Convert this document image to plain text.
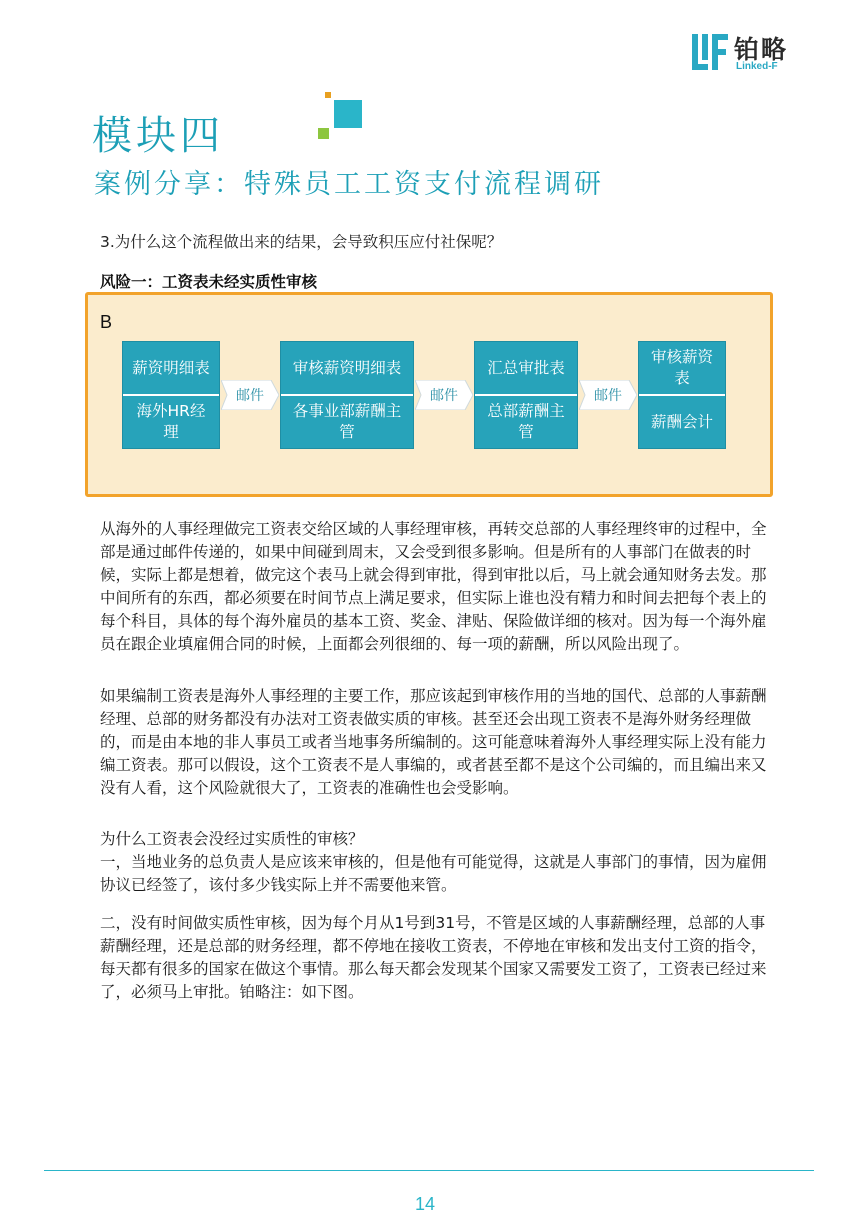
铂略
Linked-F
模块四
案例分享：特殊员工工资支付流程调研
3.为什么这个流程做出来的结果，会导致积压应付社保呢？
风险一：工资表未经实质性审核
B
薪资明细表
海外HR经理
邮件
审核薪资明细表
各事业部薪酬主管
邮件
汇总审批表
总部薪酬主管
邮件
审核薪资表
薪酬会计

从海外的人事经理做完工资表交给区域的人事经理审核，再转交总部的人事经理终审的过程中，全部是通过邮件传递的，如果中间碰到周末，又会受到很多影响。但是所有的人事部门在做表的时候，实际上都是想着，做完这个表马上就会得到审批，得到审批以后，马上就会通知财务去发。那中间所有的东西，都必须要在时间节点上满足要求，但实际上谁也没有精力和时间去把每个表上的每个科目，具体的每个海外雇员的基本工资、奖金、津贴、保险做详细的核对。因为每一个海外雇员在跟企业填雇佣合同的时候，上面都会列很细的、每一项的薪酬，所以风险出现了。

如果编制工资表是海外人事经理的主要工作，那应该起到审核作用的当地的国代、总部的人事薪酬经理、总部的财务都没有办法对工资表做实质的审核。甚至还会出现工资表不是海外财务经理做的，而是由本地的非人事员工或者当地事务所编制的。这可能意味着海外人事经理实际上没有能力编工资表。那可以假设，这个工资表不是人事编的，或者甚至都不是这个公司编的，而且编出来又没有人看，这个风险就很大了，工资表的准确性也会受影响。

为什么工资表会没经过实质性的审核？
一，当地业务的总负责人是应该来审核的，但是他有可能觉得，这就是人事部门的事情，因为雇佣协议已经签了，该付多少钱实际上并不需要他来管。

二，没有时间做实质性审核，因为每个月从1号到31号，不管是区域的人事薪酬经理，总部的人事薪酬经理，还是总部的财务经理，都不停地在接收工资表，不停地在审核和发出支付工资的指令，每天都有很多的国家在做这个事情。那么每天都会发现某个国家又需要发工资了，工资表已经过来了，必须马上审批。铂略注：如下图。

14
